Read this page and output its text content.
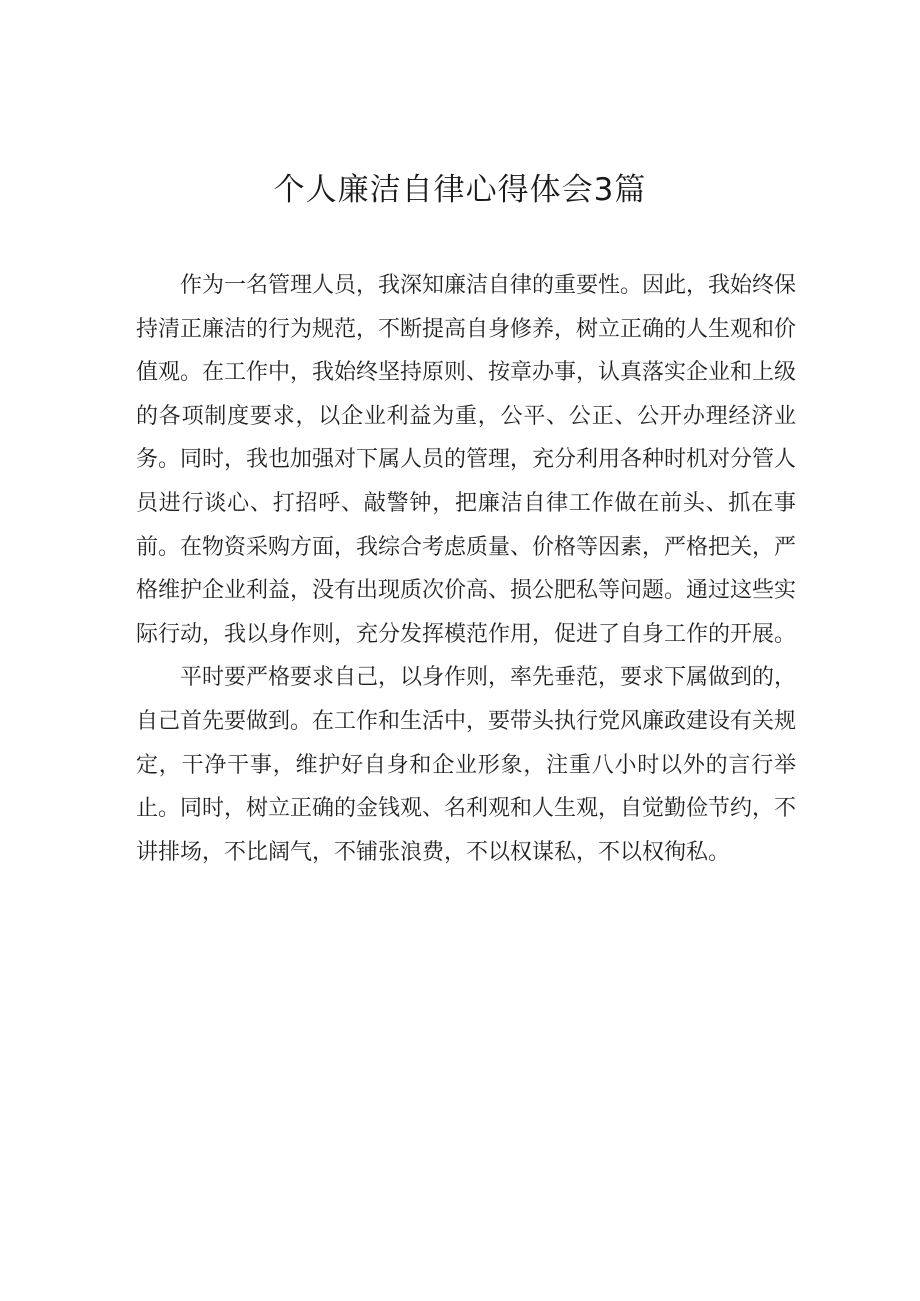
个人廉洁自律心得体会3篇

作为一名管理人员，我深知廉洁自律的重要性。因此，我始终保持清正廉洁的行为规范，不断提高自身修养，树立正确的人生观和价值观。在工作中，我始终坚持原则、按章办事，认真落实企业和上级的各项制度要求，以企业利益为重，公平、公正、公开办理经济业务。同时，我也加强对下属人员的管理，充分利用各种时机对分管人员进行谈心、打招呼、敲警钟，把廉洁自律工作做在前头、抓在事前。在物资采购方面，我综合考虑质量、价格等因素，严格把关，严格维护企业利益，没有出现质次价高、损公肥私等问题。通过这些实际行动，我以身作则，充分发挥模范作用，促进了自身工作的开展。

平时要严格要求自己，以身作则，率先垂范，要求下属做到的，自己首先要做到。在工作和生活中，要带头执行党风廉政建设有关规定，干净干事，维护好自身和企业形象，注重八小时以外的言行举止。同时，树立正确的金钱观、名利观和人生观，自觉勤俭节约，不讲排场，不比阔气，不铺张浪费，不以权谋私，不以权徇私。
